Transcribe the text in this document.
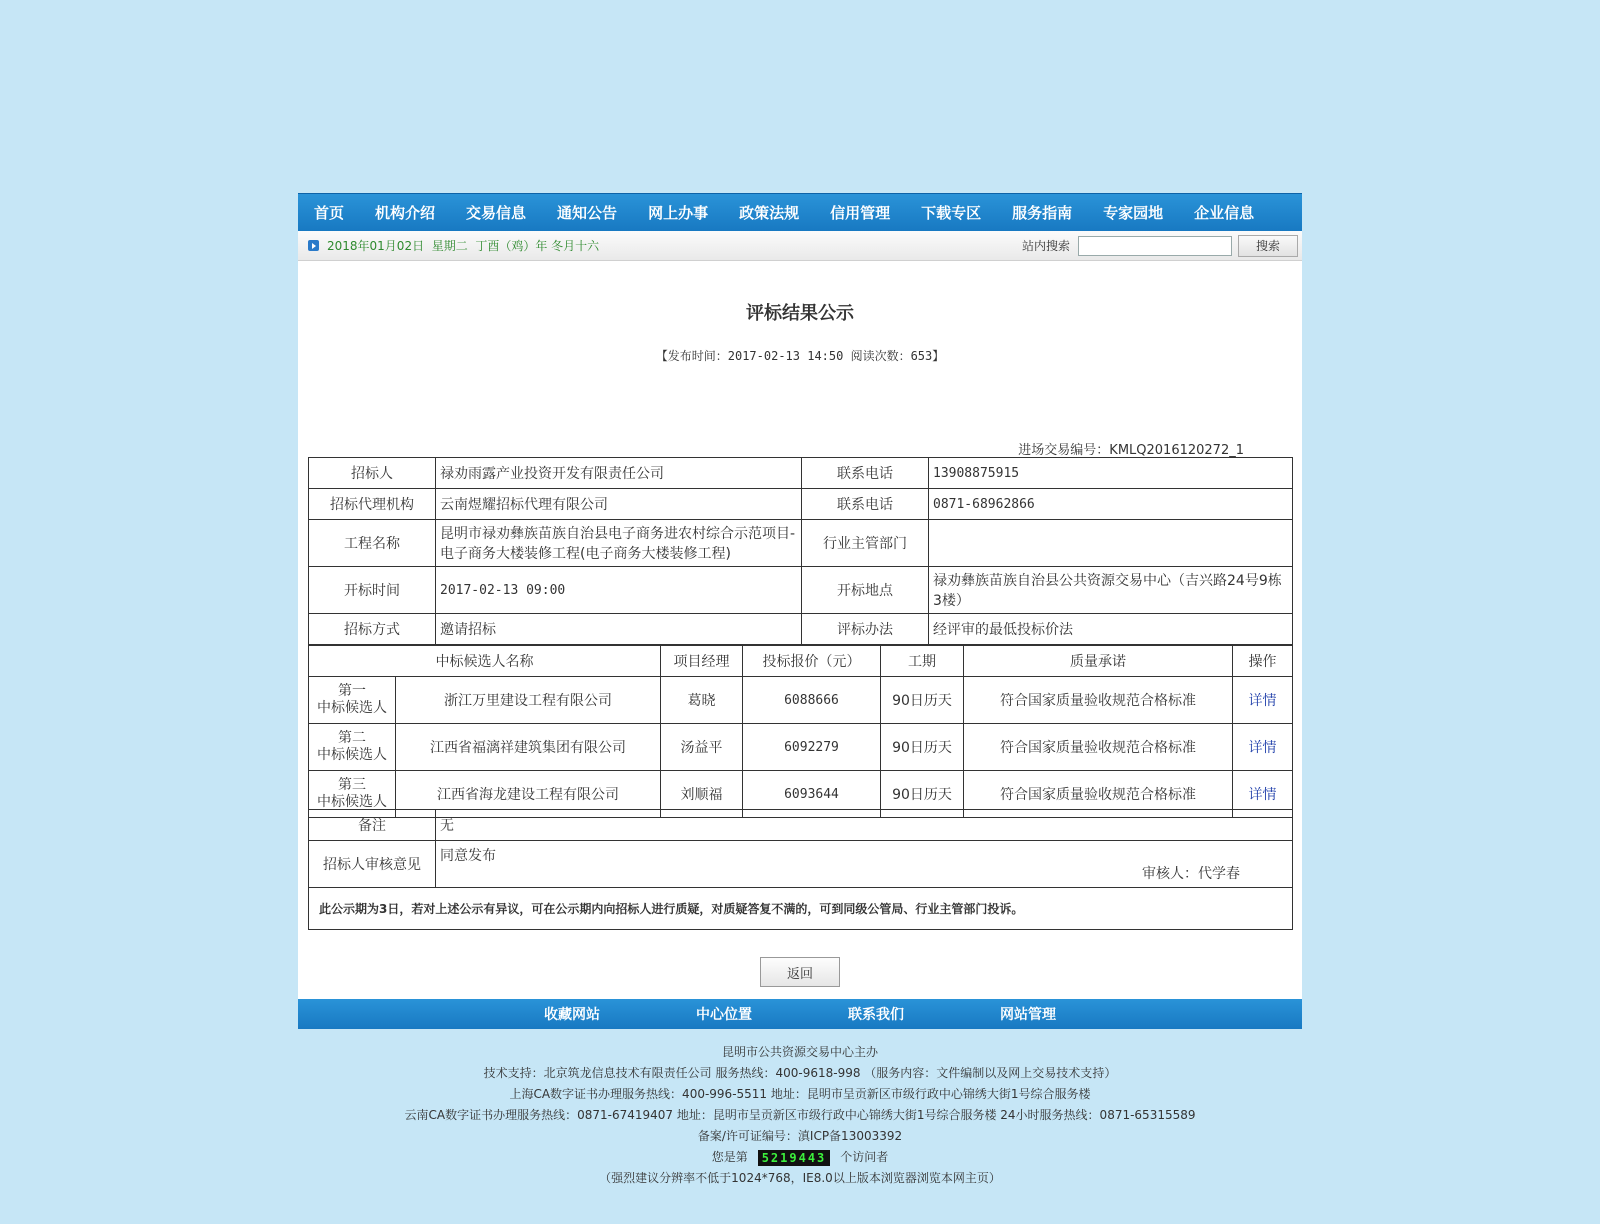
首页 机构介绍 交易信息 通知公告 网上办事 政策法规 信用管理 下载专区 服务指南 专家园地 企业信息
2018年01月02日  星期二  丁酉（鸡）年 冬月十六	站内搜索	搜索
评标结果公示
【发布时间：2017-02-13 14:50 阅读次数：653】
进场交易编号：KMLQ2016120272_1
招标人	禄劝雨露产业投资开发有限责任公司	联系电话	13908875915
招标代理机构	云南煜耀招标代理有限公司	联系电话	0871-68962866
工程名称	昆明市禄劝彝族苗族自治县电子商务进农村综合示范项目-电子商务大楼装修工程(电子商务大楼装修工程)	行业主管部门	
开标时间	2017-02-13 09:00	开标地点	禄劝彝族苗族自治县公共资源交易中心（吉兴路24号9栋3楼）
招标方式	邀请招标	评标办法	经评审的最低投标价法
中标候选人名称		项目经理	投标报价（元）	工期	质量承诺	操作
第一
中标候选人	浙江万里建设工程有限公司	葛晓	6088666	90日历天	符合国家质量验收规范合格标准	详情
第二
中标候选人	江西省福漓祥建筑集团有限公司	汤益平	6092279	90日历天	符合国家质量验收规范合格标准	详情
第三
中标候选人	江西省海龙建设工程有限公司	刘顺福	6093644	90日历天	符合国家质量验收规范合格标准	详情
备注	无
招标人审核意见	同意发布
审核人：代学春

此公示期为3日，若对上述公示有异议，可在公示期内向招标人进行质疑，对质疑答复不满的，可到同级公管局、行业主管部门投诉。	
返回
收藏网站	中心位置	联系我们	网站管理
昆明市公共资源交易中心主办
技术支持：北京筑龙信息技术有限责任公司 服务热线：400-9618-998 （服务内容：文件编制以及网上交易技术支持）
上海CA数字证书办理服务热线：400-996-5511 地址：昆明市呈贡新区市级行政中心锦绣大街1号综合服务楼
云南CA数字证书办理服务热线：0871-67419407 地址：昆明市呈贡新区市级行政中心锦绣大街1号综合服务楼 24小时服务热线：0871-65315589
备案/许可证编号：滇ICP备13003392
您是第 5219443 个访问者
（强烈建议分辨率不低于1024*768，IE8.0以上版本浏览器浏览本网主页）
